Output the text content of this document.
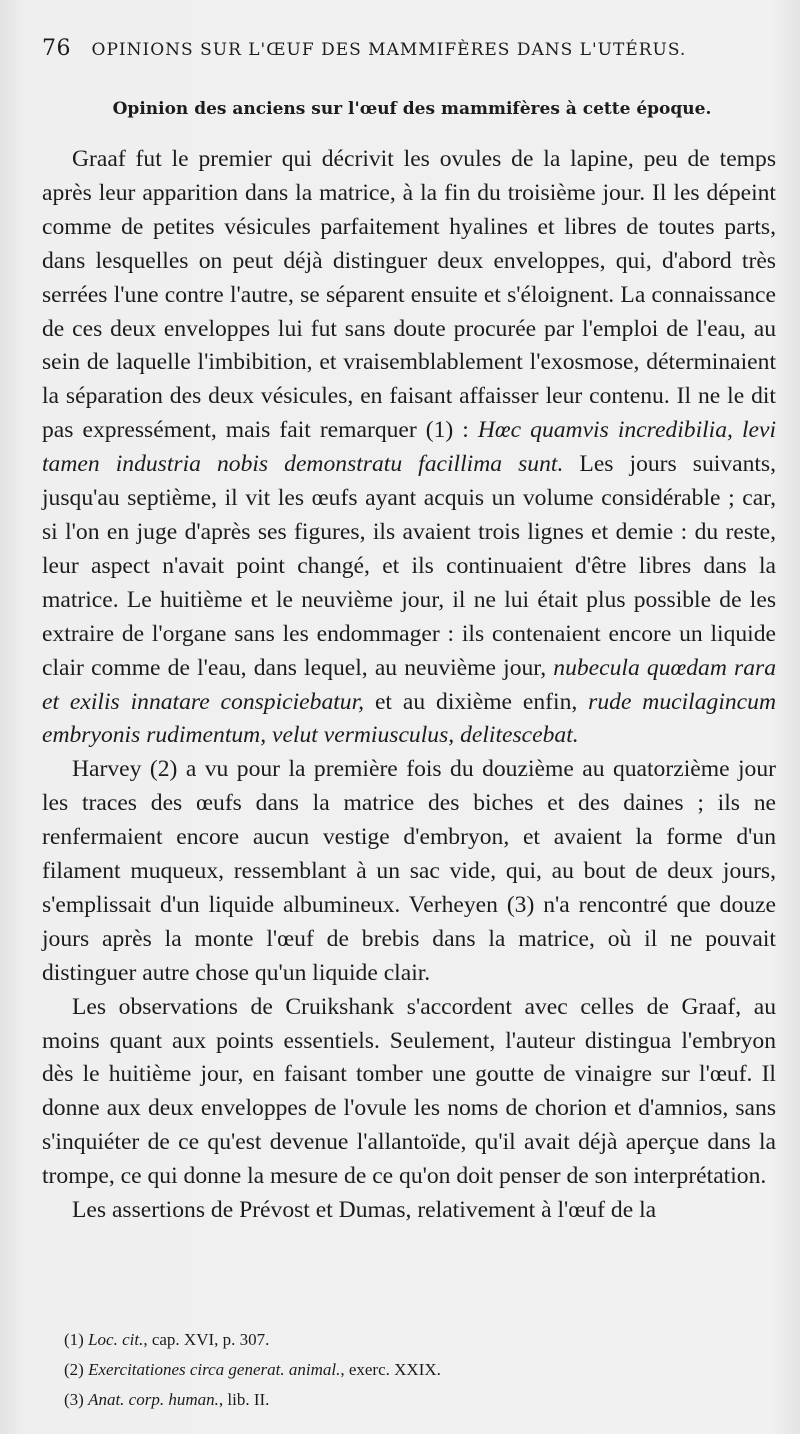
76 OPINIONS SUR L'ŒUF DES MAMMIFÈRES DANS L'UTÉRUS.
Opinion des anciens sur l'œuf des mammifères à cette époque.

Graaf fut le premier qui décrivit les ovules de la lapine, peu de temps après leur apparition dans la matrice, à la fin du troisième jour. Il les dépeint comme de petites vésicules parfaitement hyalines et libres de toutes parts, dans lesquelles on peut déjà distinguer deux enveloppes, qui, d'abord très serrées l'une contre l'autre, se séparent ensuite et s'éloignent. La connaissance de ces deux enveloppes lui fut sans doute procurée par l'emploi de l'eau, au sein de laquelle l'imbibition, et vraisemblablement l'exosmose, déterminaient la séparation des deux vésicules, en faisant affaisser leur contenu. Il ne le dit pas expressément, mais fait remarquer (1) : Hœc quamvis incredibilia, levi tamen industria nobis demonstratu facillima sunt. Les jours suivants, jusqu'au septième, il vit les œufs ayant acquis un volume considérable ; car, si l'on en juge d'après ses figures, ils avaient trois lignes et demie : du reste, leur aspect n'avait point changé, et ils continuaient d'être libres dans la matrice. Le huitième et le neuvième jour, il ne lui était plus possible de les extraire de l'organe sans les endommager : ils contenaient encore un liquide clair comme de l'eau, dans lequel, au neuvième jour, nubecula quœdam rara et exilis innatare conspiciebatur, et au dixième enfin, rude mucilagincum embryonis rudimentum, velut vermiusculus, delitescebat.

Harvey (2) a vu pour la première fois du douzième au quatorzième jour les traces des œufs dans la matrice des biches et des daines ; ils ne renfermaient encore aucun vestige d'embryon, et avaient la forme d'un filament muqueux, ressemblant à un sac vide, qui, au bout de deux jours, s'emplissait d'un liquide albumineux. Verheyen (3) n'a rencontré que douze jours après la monte l'œuf de brebis dans la matrice, où il ne pouvait distinguer autre chose qu'un liquide clair.

Les observations de Cruikshank s'accordent avec celles de Graaf, au moins quant aux points essentiels. Seulement, l'auteur distingua l'embryon dès le huitième jour, en faisant tomber une goutte de vinaigre sur l'œuf. Il donne aux deux enveloppes de l'ovule les noms de chorion et d'amnios, sans s'inquiéter de ce qu'est devenue l'allantoïde, qu'il avait déjà aperçue dans la trompe, ce qui donne la mesure de ce qu'on doit penser de son interprétation.

Les assertions de Prévost et Dumas, relativement à l'œuf de la

(1) Loc. cit., cap. XVI, p. 307.
(2) Exercitationes circa generat. animal., exerc. XXIX.
(3) Anat. corp. human., lib. II.
